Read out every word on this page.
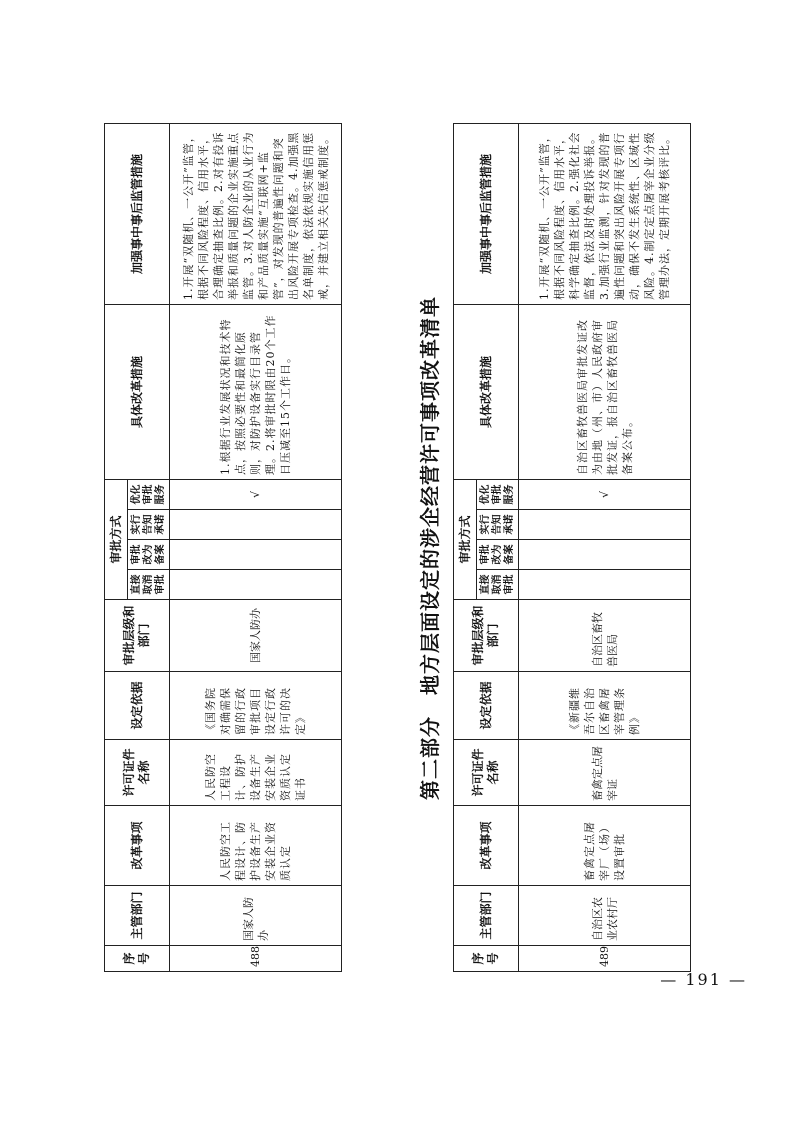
序号	主管部门	改革事项	许可证件名称	设定依据	审批层级和部门	审批方式				具体改革措施	加强事中事后监管措施
						直接取消审批	审批改为备案	实行告知承诺	优化审批服务		
488	国家人防办	人民防空工程设计、防护设备生产安装企业资质认定	人民防空工程设计、防护设备生产安装企业资质认定证书	《国务院对确需保留的行政审批项目设定行政许可的决定》	国家人防办				√	1.根据行业发展状况和技术特点，按照必要性和最简化原则，对防护设备实行目录管理。2.将审批时限由20个工作日压减至15个工作日。	1.开展“双随机、一公开”监管，根据不同风险程度、信用水平，合理确定抽查比例。2.对有投诉举报和质量问题的企业实施重点监管。3.对人防企业的从业行为和产品质量实施“互联网+监管”，对发现的普遍性问题和突出风险开展专项检查。4.加强黑名单制度，依法依规实施信用惩戒，并建立相关失信惩戒制度。
第二部分　地方层面设定的涉企经营许可事项改革清单
序号	主管部门	改革事项	许可证件名称	设定依据	审批层级和部门	审批方式				具体改革措施	加强事中事后监管措施
						直接取消审批	审批改为备案	实行告知承诺	优化审批服务		
489	自治区农业农村厅	畜禽定点屠宰厂（场）设置审批	畜禽定点屠宰证	《新疆维吾尔自治区畜禽屠宰管理条例》	自治区畜牧兽医局				√	自治区畜牧兽医局审批发证改为由地（州、市）人民政府审批发证，报自治区畜牧兽医局备案公布。	1.开展“双随机、一公开”监管，根据不同风险程度、信用水平，科学确定抽查比例。2.强化社会监督，依法及时处理投诉举报。3.加强行业监测，针对发现的普遍性问题和突出风险开展专项行动，确保不发生系统性、区域性风险。4.制定定点屠宰企业分级管理办法，定期开展考核评比。
— 191 —
